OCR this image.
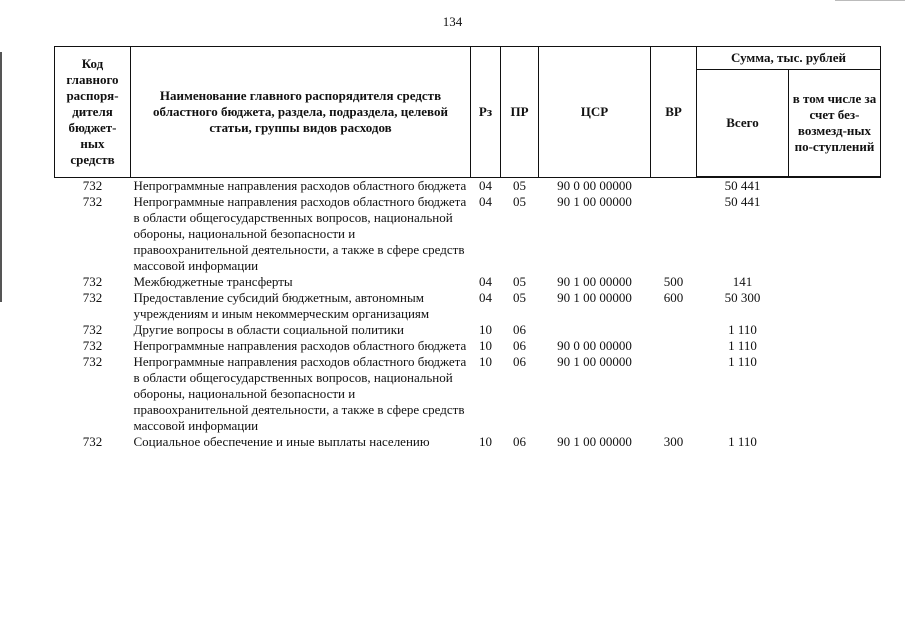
134
Код главного распоря-дителя бюджет-ных средств	Наименование главного распорядителя средств областного бюджета, раздела, подраздела, целевой статьи, группы видов расходов	Рз	ПР	ЦСР	ВР	Сумма, тыс. рублей	
						Всего	в том числе за счет без-возмезд-ных по-ступлений
732	Непрограммные направления расходов областного бюджета	04	05	90 0 00 00000		50 441	
732	Непрограммные направления расходов областного бюджета в области общегосударственных вопросов, национальной обороны, национальной безопасности и правоохранительной деятельности, а также в сфере средств массовой информации	04	05	90 1 00 00000		50 441	
732	Межбюджетные трансферты	04	05	90 1 00 00000	500	141	
732	Предоставление субсидий бюджетным, автономным учреждениям и иным некоммерческим организациям	04	05	90 1 00 00000	600	50 300	
732	Другие вопросы в области социальной политики	10	06			1 110	
732	Непрограммные направления расходов областного бюджета	10	06	90 0 00 00000		1 110	
732	Непрограммные направления расходов областного бюджета в области общегосударственных вопросов, национальной обороны, национальной безопасности и правоохранительной деятельности, а также в сфере средств массовой информации	10	06	90 1 00 00000		1 110	
732	Социальное обеспечение и иные выплаты населению	10	06	90 1 00 00000	300	1 110	
